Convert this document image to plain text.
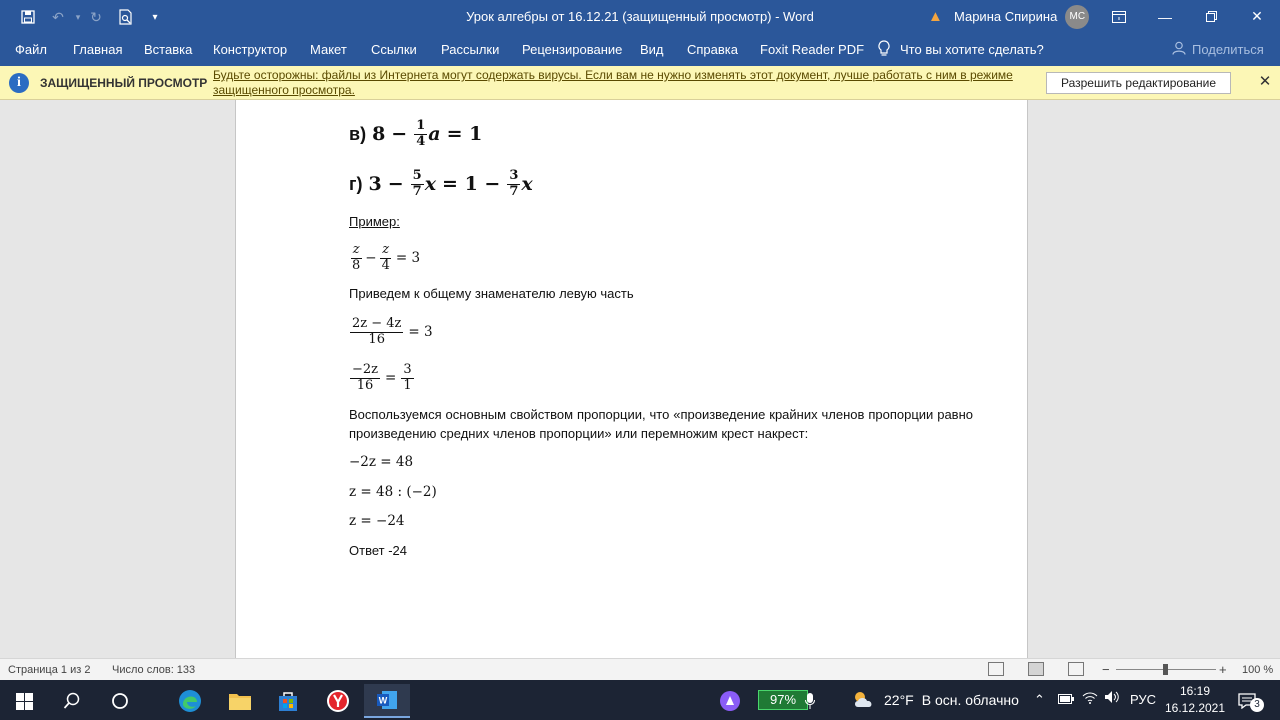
↶	▾ ↻	▾	Урок алгебры от 16.12.21 (защищенный просмотр) - Word	▲ Марина Спирина	МС	—	✕
Файл Главная Вставка Конструктор Макет Ссылки Рассылки Рецензирование Вид Справка Foxit Reader PDF	Что вы хотите сделать?	Поделиться
i	ЗАЩИЩЕННЫЙ ПРОСМОТР
Будьте осторожны: файлы из Интернета могут содержать вирусы. Если вам не нужно изменять этот документ, лучше работать с ним в режиме защищенного просмотра.	Разрешить редактирование	✕
в) $8 - \frac{1}{4}$ a = 1
г) $3 - \frac{5}{7}$ $x = 1 - \frac{3}{7}$ x
Пример:
$\frac{z}{8} - \frac{z}{4} = 3$
Приведем к общему знаменателю левую часть
$\frac{2z - 4z}{16} = 3$
$\frac{-2z}{16} = \frac{3}{1}$
Воспользуемся основным свойством пропорции, что «произведение крайних членов пропорции равно произведению средних членов пропорции» или перемножим крест накрест:
−2z = 48
z = 48 : (−2)
z = −24
Ответ -24
Страница 1 из 2 Число слов: 133	−	+ 100 %
W	97%	22°F В осн. облачно ⌃	РУС
16:19
16.12.2021	3
